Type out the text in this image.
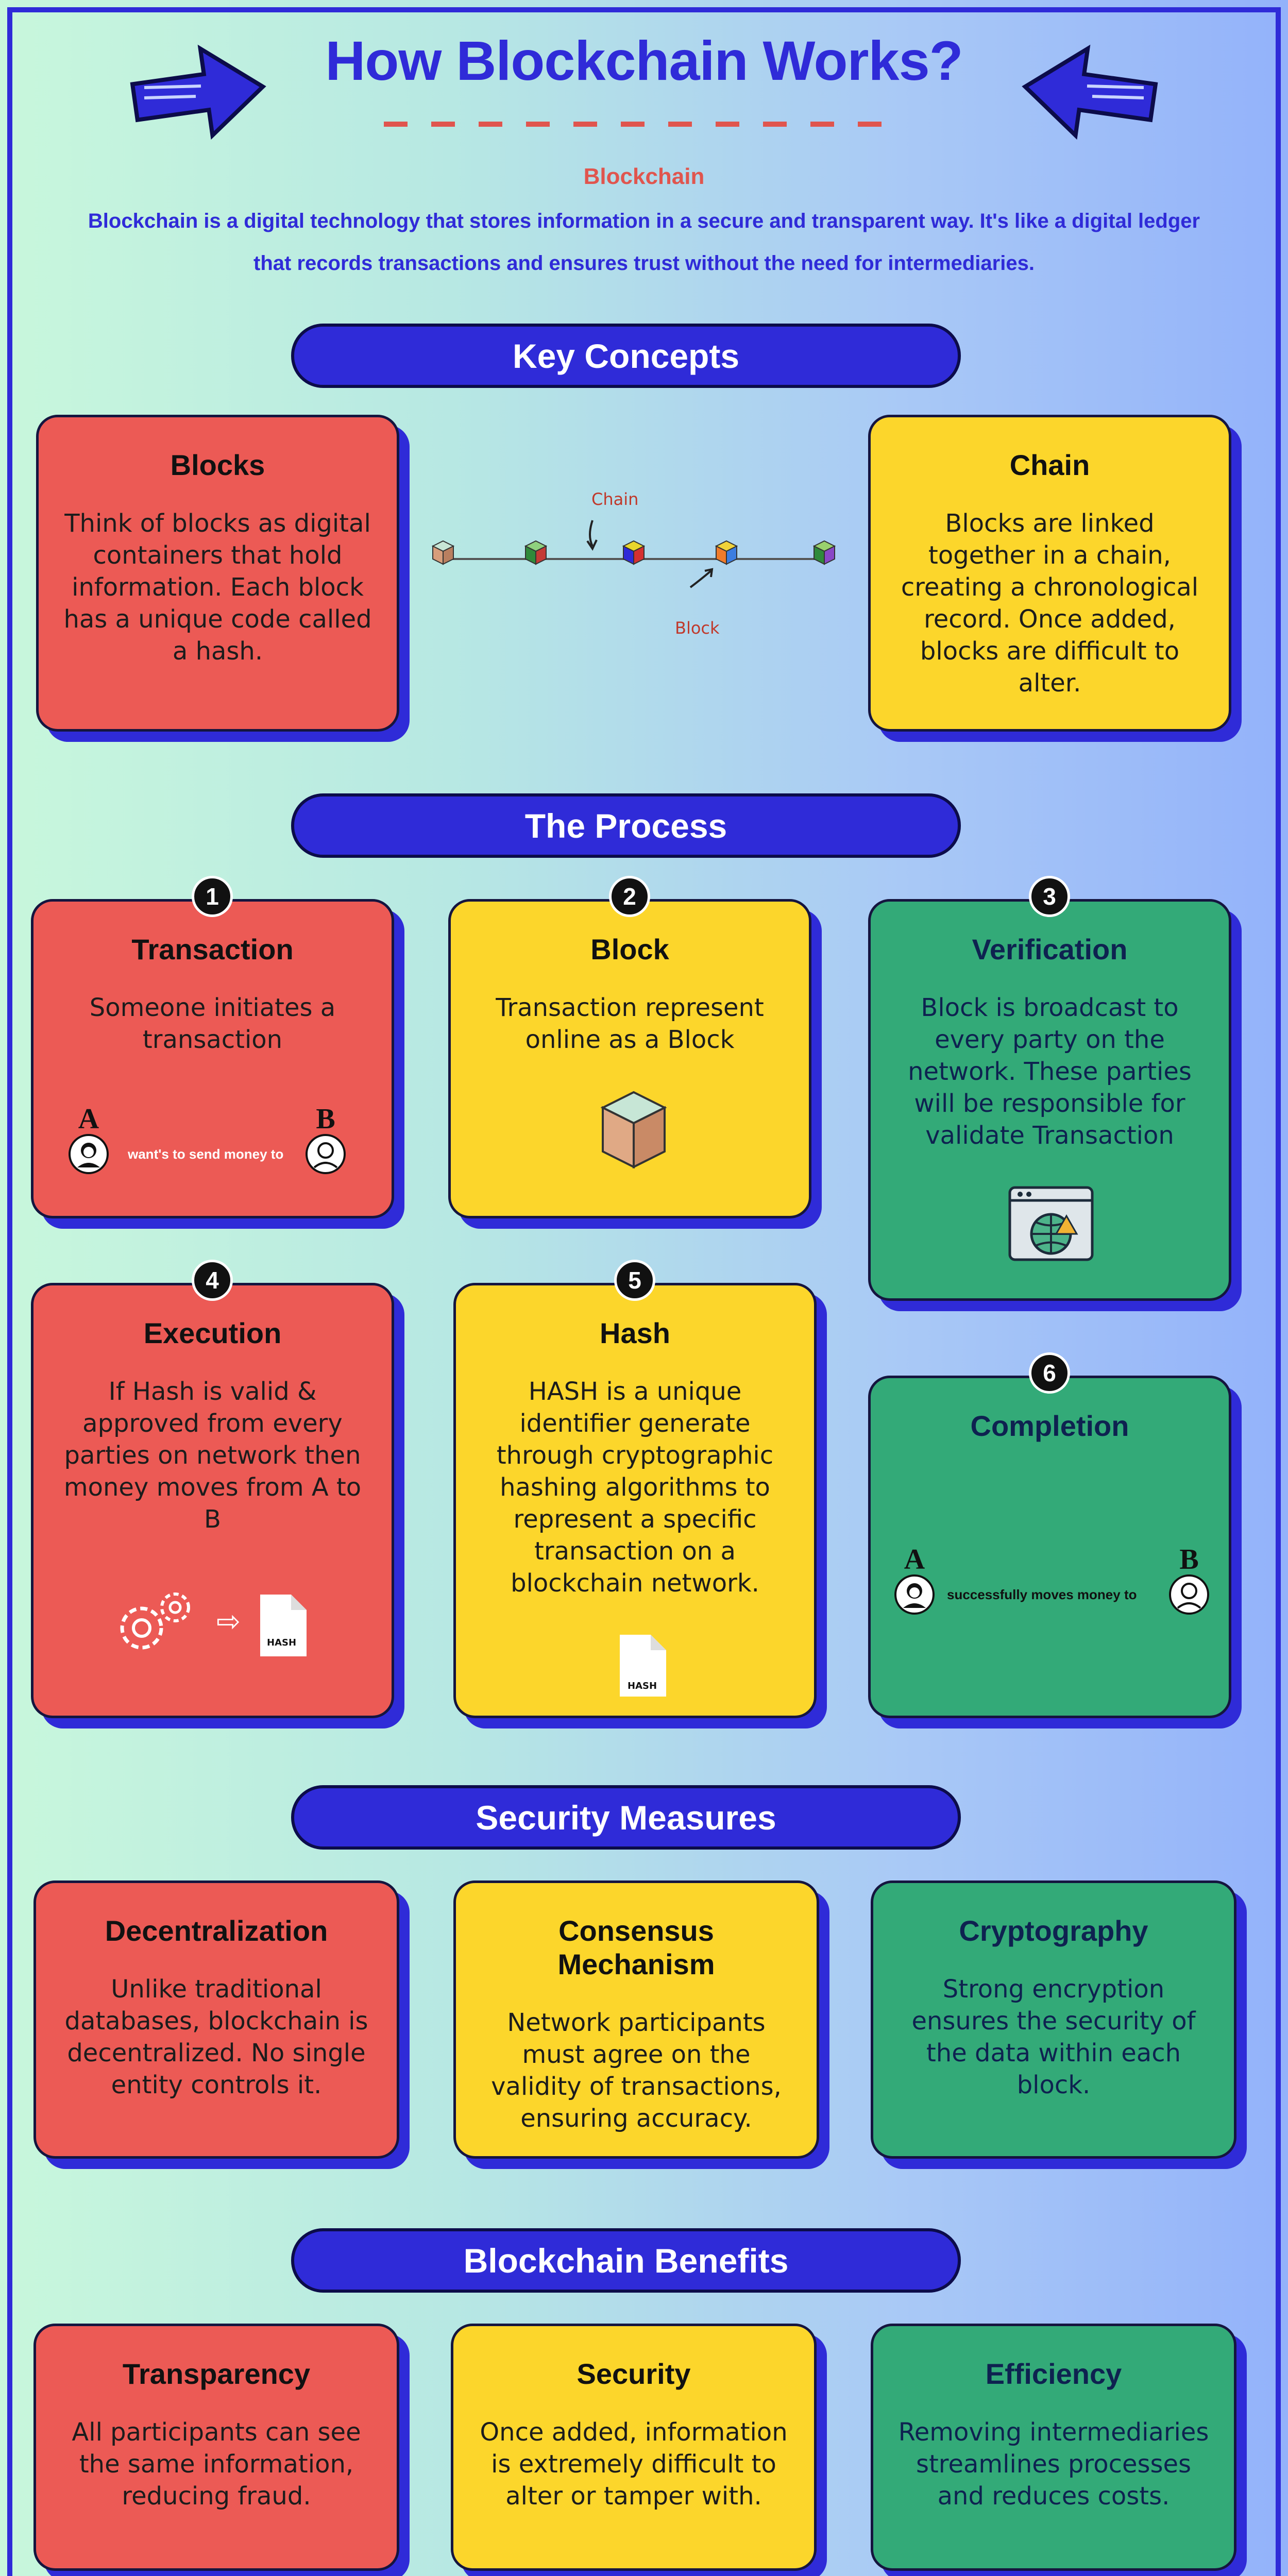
How Blockchain Works?
Blockchain
Blockchain is a digital technology that stores information in a secure and transparent way. It's like a digital ledger that records transactions and ensures trust without the need for intermediaries.
Key Concepts
Blocks
Think of blocks as digital containers that hold information. Each block has a unique code called a hash.
Chain
Block
Chain
Blocks are linked together in a chain, creating a chronological record. Once added, blocks are difficult to alter.
The Process
Transaction
Someone initiates a transaction
1
A
want's to send money to
B
Block
Transaction represent online as a Block
2
Verification
Block is broadcast to every party on the network. These parties will be responsible for validate Transaction
3
Execution
If Hash is valid & approved from every parties on network then money moves from A to B
4
⇨
HASH
Hash
HASH is a unique identifier generate through cryptographic hashing algorithms to represent a specific transaction on a blockchain network.
5
HASH
Completion
6
A
successfully moves money to
B
Security Measures
Decentralization
Unlike traditional databases, blockchain is decentralized. No single entity controls it.
Consensus Mechanism
Network participants must agree on the validity of transactions, ensuring accuracy.
Cryptography
Strong encryption ensures the security of the data within each block.
Blockchain Benefits
Transparency
All participants can see the same information, reducing fraud.
Security
Once added, information is extremely difficult to alter or tamper with.
Efficiency
Removing intermediaries streamlines processes and reduces costs.
